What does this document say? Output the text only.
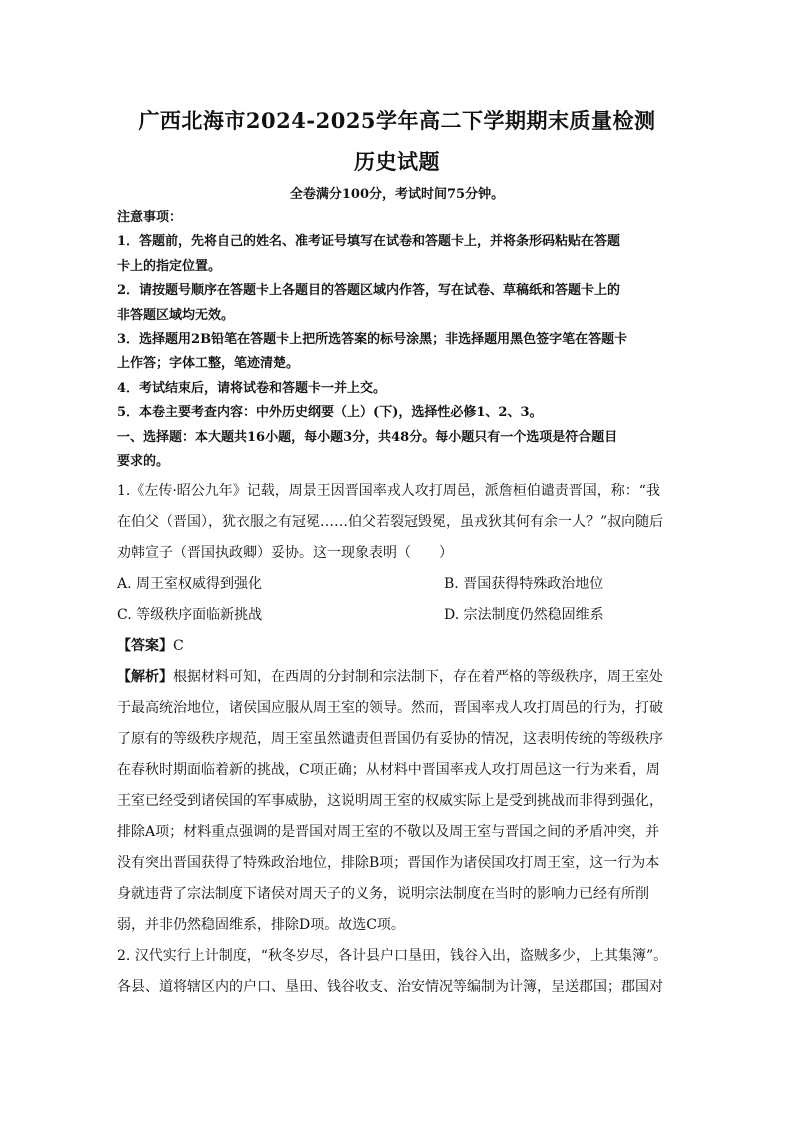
广西北海市2024-2025学年高二下学期期末质量检测
历史试题
全卷满分100分，考试时间75分钟。
注意事项：
1．答题前，先将自己的姓名、准考证号填写在试卷和答题卡上，并将条形码粘贴在答题
卡上的指定位置。
2．请按题号顺序在答题卡上各题目的答题区域内作答，写在试卷、草稿纸和答题卡上的
非答题区域均无效。
3．选择题用2B铅笔在答题卡上把所选答案的标号涂黑；非选择题用黑色签字笔在答题卡
上作答；字体工整，笔迹清楚。
4．考试结束后，请将试卷和答题卡一并上交。
5．本卷主要考查内容：中外历史纲要（上）(下)，选择性必修1、2、3。
一、选择题：本大题共16小题，每小题3分，共48分。每小题只有一个选项是符合题目
要求的。
1.《左传·昭公九年》记载，周景王因晋国率戎人攻打周邑，派詹桓伯谴责晋国，称：“我
在伯父（晋国），犹衣服之有冠冕……伯父若裂冠毁冕，虽戎狄其何有余一人？”叔向随后
劝韩宣子（晋国执政卿）妥协。这一现象表明（　　）
A. 周王室权威得到强化	B. 晋国获得特殊政治地位
C. 等级秩序面临新挑战	D. 宗法制度仍然稳固维系
【答案】C
【解析】根据材料可知，在西周的分封制和宗法制下，存在着严格的等级秩序，周王室处
于最高统治地位，诸侯国应服从周王室的领导。然而，晋国率戎人攻打周邑的行为，打破
了原有的等级秩序规范，周王室虽然谴责但晋国仍有妥协的情况，这表明传统的等级秩序
在春秋时期面临着新的挑战，C项正确；从材料中晋国率戎人攻打周邑这一行为来看，周
王室已经受到诸侯国的军事威胁，这说明周王室的权威实际上是受到挑战而非得到强化，
排除A项；材料重点强调的是晋国对周王室的不敬以及周王室与晋国之间的矛盾冲突，并
没有突出晋国获得了特殊政治地位，排除B项；晋国作为诸侯国攻打周王室，这一行为本
身就违背了宗法制度下诸侯对周天子的义务，说明宗法制度在当时的影响力已经有所削
弱，并非仍然稳固维系，排除D项。故选C项。
2. 汉代实行上计制度，“秋冬岁尽，各计县户口垦田，钱谷入出，盗贼多少，上其集簿”。
各县、道将辖区内的户口、垦田、钱谷收支、治安情况等编制为计簿，呈送郡国；郡国对
